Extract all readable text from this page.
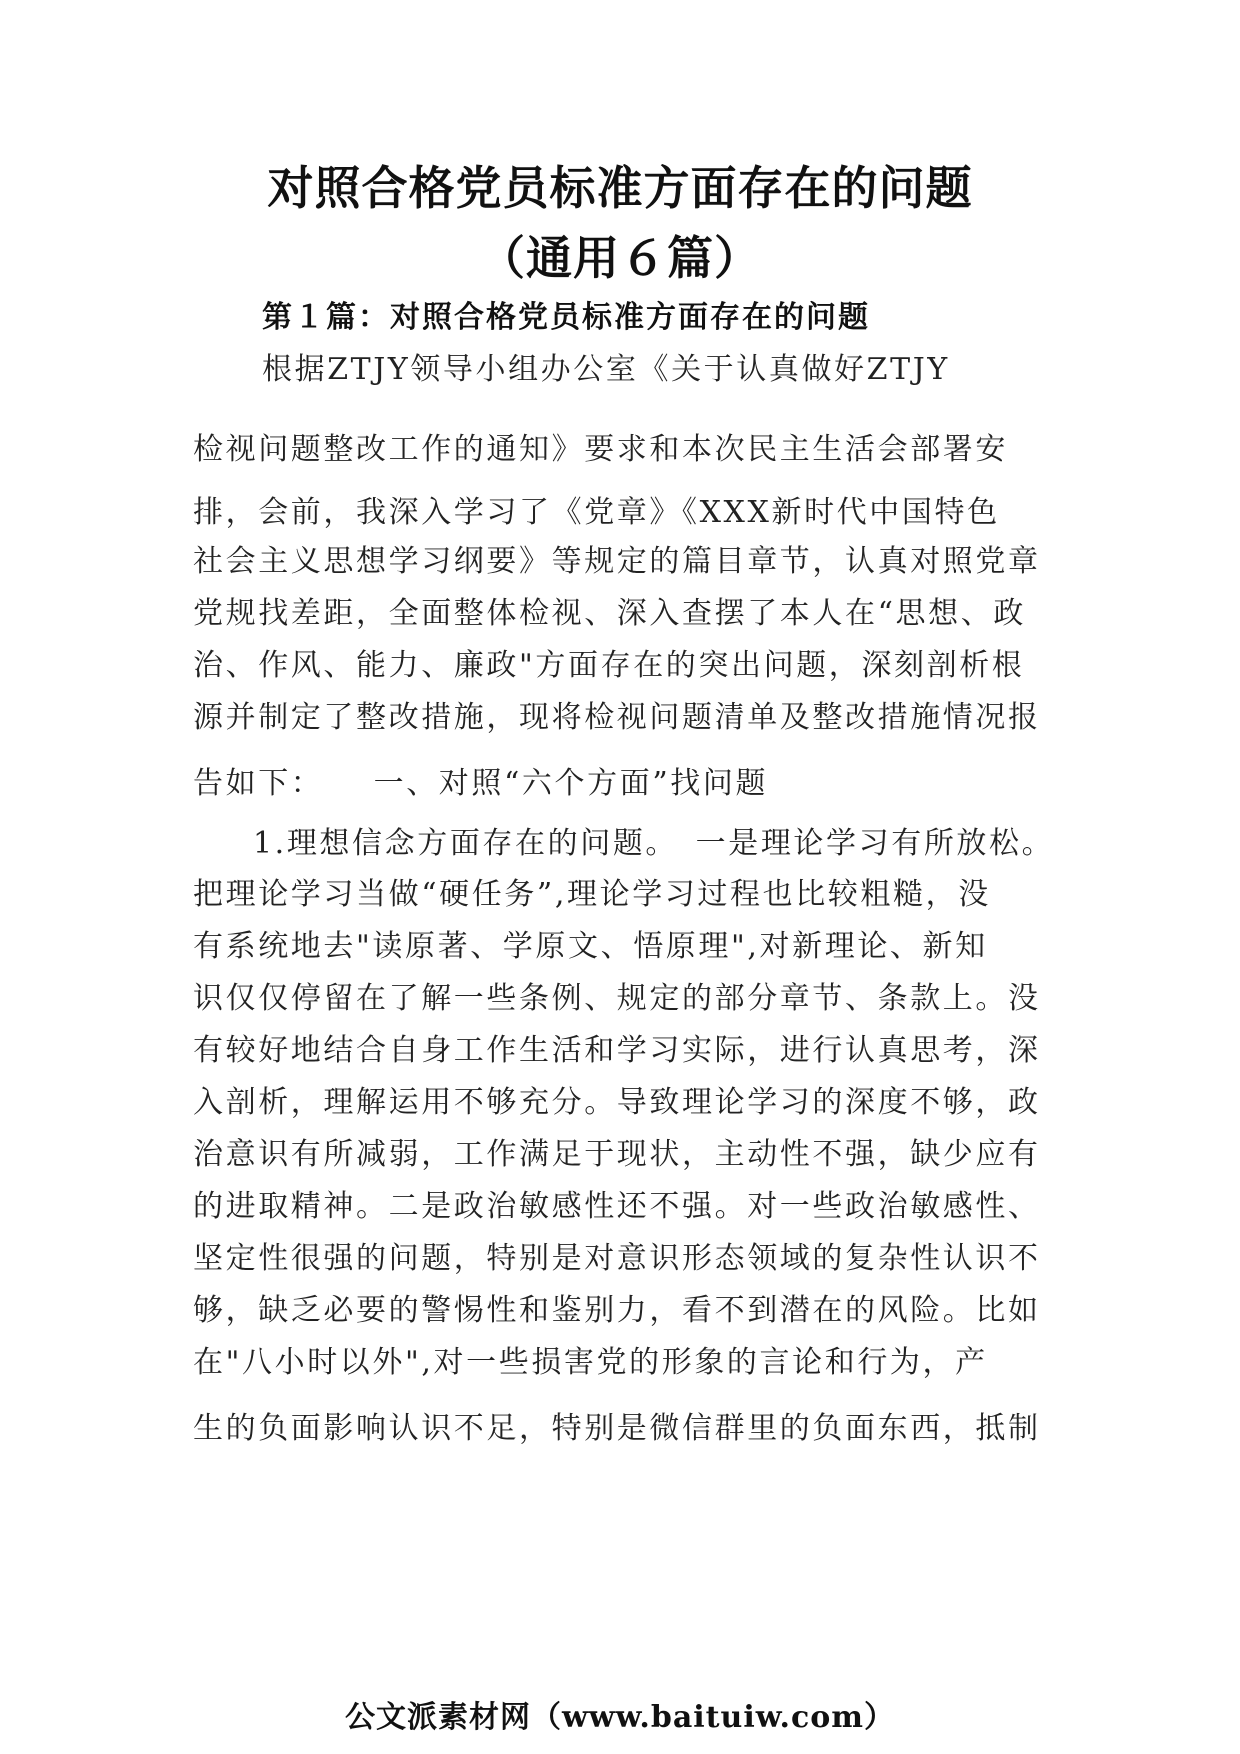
对照合格党员标准方面存在的问题
（通用６篇）
第１篇：对照合格党员标准方面存在的问题
根据ZTJY领导小组办公室《关于认真做好ZTJY
检视问题整改工作的通知》要求和本次民主生活会部署安
排，会前，我深入学习了《党章》《XXX新时代中国特色
社会主义思想学习纲要》等规定的篇目章节，认真对照党章
党规找差距，全面整体检视、深入查摆了本人在“思想、政
治、作风、能力、廉政"方面存在的突出问题，深刻剖析根
源并制定了整改措施，现将检视问题清单及整改措施情况报
告如下：　　一、对照“六个方面”找问题
1.理想信念方面存在的问题。　一是理论学习有所放松。
把理论学习当做“硬任务”,理论学习过程也比较粗糙，没
有系统地去"读原著、学原文、悟原理",对新理论、新知
识仅仅停留在了解一些条例、规定的部分章节、条款上。没
有较好地结合自身工作生活和学习实际，进行认真思考，深
入剖析，理解运用不够充分。导致理论学习的深度不够，政
治意识有所减弱，工作满足于现状，主动性不强，缺少应有
的进取精神。二是政治敏感性还不强。对一些政治敏感性、
坚定性很强的问题，特别是对意识形态领域的复杂性认识不
够，缺乏必要的警惕性和鉴别力，看不到潜在的风险。比如
在"八小时以外",对一些损害党的形象的言论和行为，产
生的负面影响认识不足，特别是微信群里的负面东西，抵制
公文派素材网（www.baituiw.com）
